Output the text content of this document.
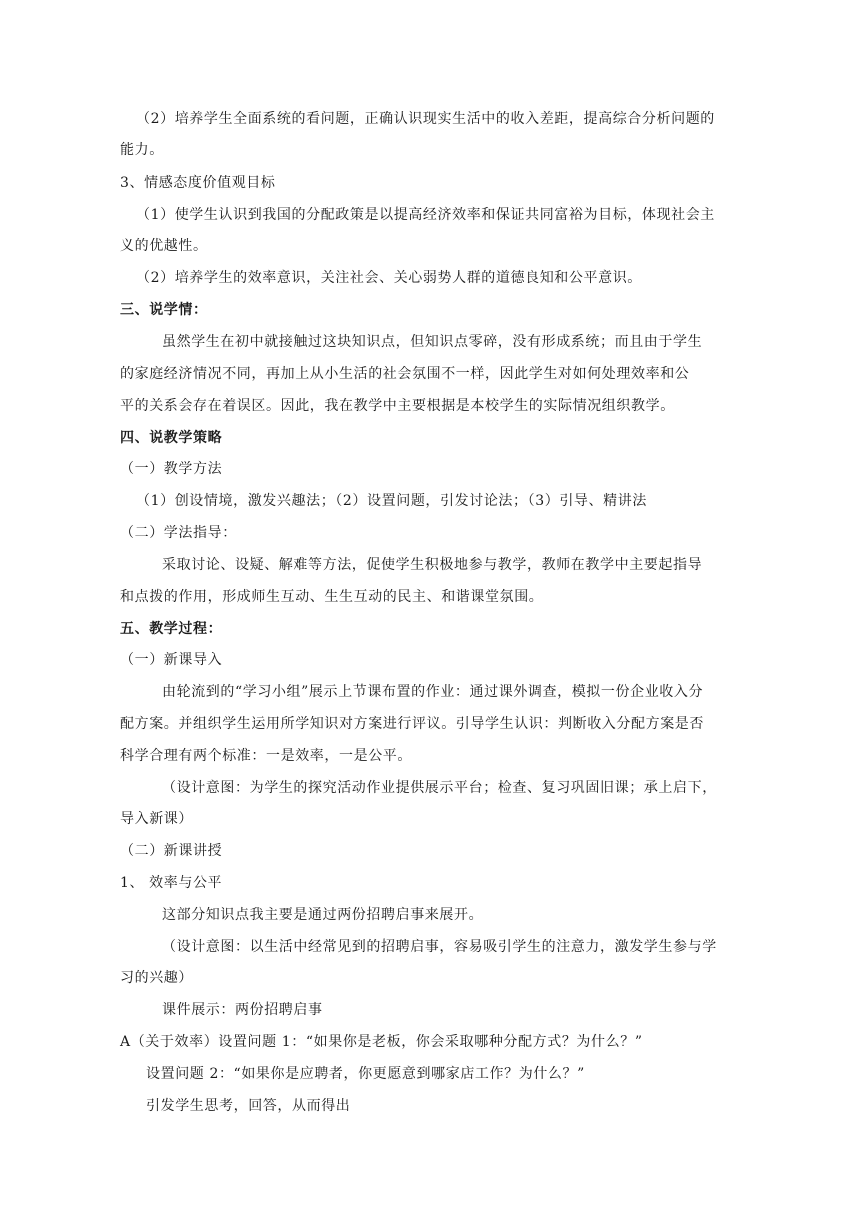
（2）培养学生全面系统的看问题，正确认识现实生活中的收入差距，提高综合分析问题的
能力。
3、情感态度价值观目标
（1）使学生认识到我国的分配政策是以提高经济效率和保证共同富裕为目标，体现社会主
义的优越性。
（2）培养学生的效率意识，关注社会、关心弱势人群的道德良知和公平意识。
三、说学情：
虽然学生在初中就接触过这块知识点，但知识点零碎，没有形成系统；而且由于学生
的家庭经济情况不同，再加上从小生活的社会氛围不一样，因此学生对如何处理效率和公
平的关系会存在着误区。因此，我在教学中主要根据是本校学生的实际情况组织教学。
四、说教学策略
（一）教学方法
（1）创设情境，激发兴趣法；（2）设置问题，引发讨论法；（3）引导、精讲法
（二）学法指导：
采取讨论、设疑、解难等方法，促使学生积极地参与教学，教师在教学中主要起指导
和点拨的作用，形成师生互动、生生互动的民主、和谐课堂氛围。
五、教学过程：
（一）新课导入
由轮流到的“学习小组”展示上节课布置的作业：通过课外调查，模拟一份企业收入分
配方案。并组织学生运用所学知识对方案进行评议。引导学生认识：判断收入分配方案是否
科学合理有两个标准：一是效率，一是公平。
（设计意图：为学生的探究活动作业提供展示平台；检查、复习巩固旧课；承上启下，
导入新课）
（二）新课讲授
1、 效率与公平
这部分知识点我主要是通过两份招聘启事来展开。
（设计意图：以生活中经常见到的招聘启事，容易吸引学生的注意力，激发学生参与学
习的兴趣）
课件展示：两份招聘启事
A（关于效率）设置问题 1：“如果你是老板，你会采取哪种分配方式？为什么？”
设置问题 2：“如果你是应聘者，你更愿意到哪家店工作？为什么？”
引发学生思考，回答，从而得出
